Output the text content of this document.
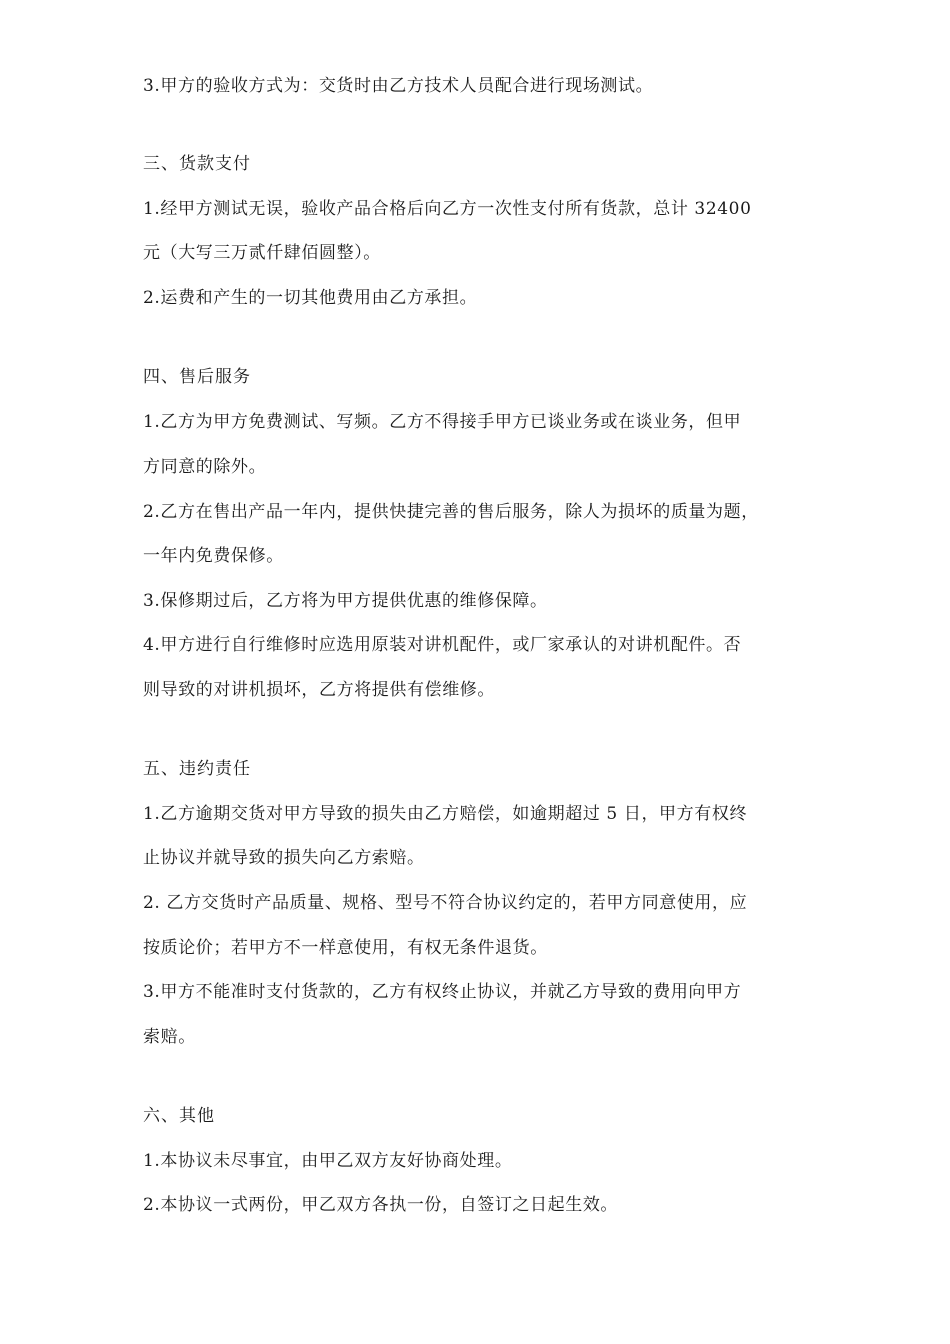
3.甲方的验收方式为：交货时由乙方技术人员配合进行现场测试。
三、货款支付
1.经甲方测试无误，验收产品合格后向乙方一次性支付所有货款，总计 32400
元（大写三万贰仟肆佰圆整）。
2.运费和产生的一切其他费用由乙方承担。
四、售后服务
1.乙方为甲方免费测试、写频。乙方不得接手甲方已谈业务或在谈业务，但甲
方同意的除外。
2.乙方在售出产品一年内，提供快捷完善的售后服务，除人为损坏的质量为题，
一年内免费保修。
3.保修期过后，乙方将为甲方提供优惠的维修保障。
4.甲方进行自行维修时应选用原装对讲机配件，或厂家承认的对讲机配件。否
则导致的对讲机损坏，乙方将提供有偿维修。
五、违约责任
1.乙方逾期交货对甲方导致的损失由乙方赔偿，如逾期超过 5 日，甲方有权终
止协议并就导致的损失向乙方索赔。
2. 乙方交货时产品质量、规格、型号不符合协议约定的，若甲方同意使用，应
按质论价；若甲方不一样意使用，有权无条件退货。
3.甲方不能准时支付货款的，乙方有权终止协议，并就乙方导致的费用向甲方
索赔。
六、其他
1.本协议未尽事宜，由甲乙双方友好协商处理。
2.本协议一式两份，甲乙双方各执一份，自签订之日起生效。
